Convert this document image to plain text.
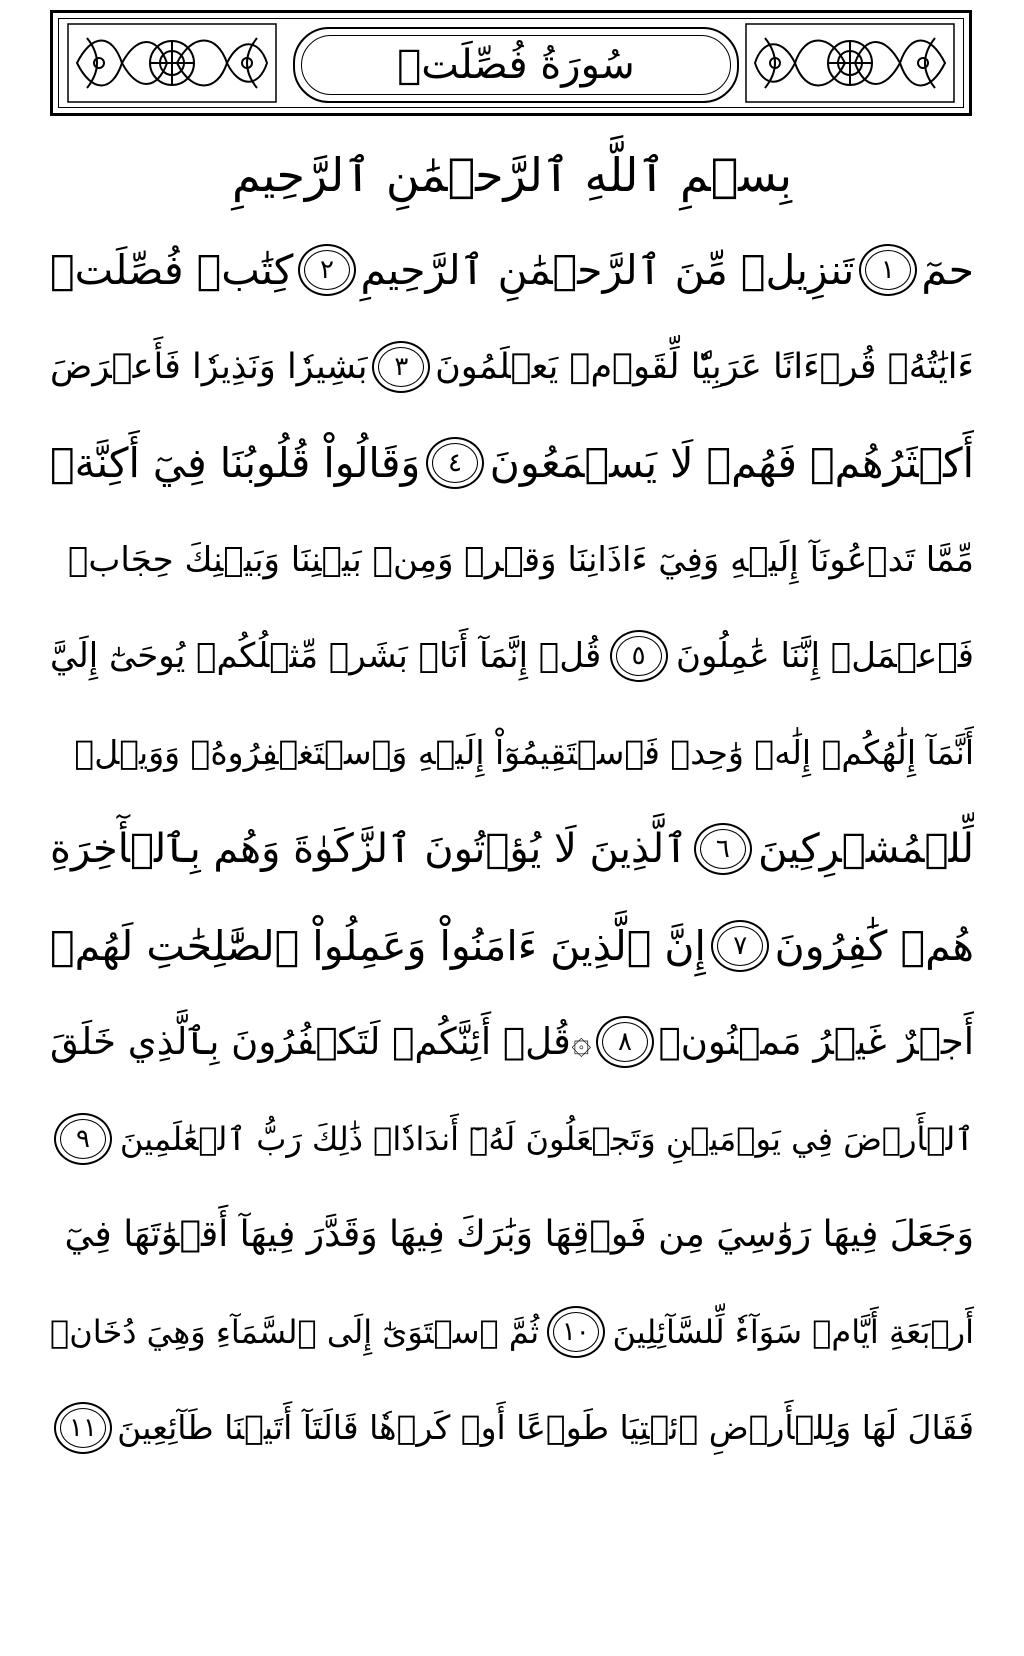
سُورَةُ فُصِّلَتۡ
بِسۡمِ ٱللَّهِ ٱلرَّحۡمَٰنِ ٱلرَّحِيمِ
حمٓ
١
تَنزِيلٞ مِّنَ ٱلرَّحۡمَٰنِ ٱلرَّحِيمِ
٢
كِتَٰبٞ فُصِّلَتۡ
ءَايَٰتُهُۥ قُرۡءَانًا عَرَبِيّٗا لِّقَوۡمٖ يَعۡلَمُونَ
٣
بَشِيرٗا وَنَذِيرٗا فَأَعۡرَضَ
أَكۡثَرُهُمۡ فَهُمۡ لَا يَسۡمَعُونَ
٤
وَقَالُواْ قُلُوبُنَا فِيٓ أَكِنَّةٖ
مِّمَّا تَدۡعُونَآ إِلَيۡهِ وَفِيٓ ءَاذَانِنَا وَقۡرٞ وَمِنۢ بَيۡنِنَا وَبَيۡنِكَ حِجَابٞ
فَٱعۡمَلۡ إِنَّنَا عَٰمِلُونَ
٥
قُلۡ إِنَّمَآ أَنَا۠ بَشَرٞ مِّثۡلُكُمۡ يُوحَىٰٓ إِلَيَّ
أَنَّمَآ إِلَٰهُكُمۡ إِلَٰهٞ وَٰحِدٞ فَٱسۡتَقِيمُوٓاْ إِلَيۡهِ وَٱسۡتَغۡفِرُوهُۗ وَوَيۡلٞ
لِّلۡمُشۡرِكِينَ
٦
ٱلَّذِينَ لَا يُؤۡتُونَ ٱلزَّكَوٰةَ وَهُم بِٱلۡأٓخِرَةِ
هُمۡ كَٰفِرُونَ
٧
إِنَّ ٱلَّذِينَ ءَامَنُواْ وَعَمِلُواْ ٱلصَّٰلِحَٰتِ لَهُمۡ
أَجۡرٌ غَيۡرُ مَمۡنُونٖ
٨
۞
قُلۡ أَئِنَّكُمۡ لَتَكۡفُرُونَ بِٱلَّذِي خَلَقَ
ٱلۡأَرۡضَ فِي يَوۡمَيۡنِ وَتَجۡعَلُونَ لَهُۥٓ أَندَادٗاۚ ذَٰلِكَ رَبُّ ٱلۡعَٰلَمِينَ
٩
وَجَعَلَ فِيهَا رَوَٰسِيَ مِن فَوۡقِهَا وَبَٰرَكَ فِيهَا وَقَدَّرَ فِيهَآ أَقۡوَٰتَهَا فِيٓ
أَرۡبَعَةِ أَيَّامٖ سَوَآءٗ لِّلسَّآئِلِينَ
١٠
ثُمَّ ٱسۡتَوَىٰٓ إِلَى ٱلسَّمَآءِ وَهِيَ دُخَانٞ
فَقَالَ لَهَا وَلِلۡأَرۡضِ ٱئۡتِيَا طَوۡعًا أَوۡ كَرۡهٗا قَالَتَآ أَتَيۡنَا طَآئِعِينَ
١١
